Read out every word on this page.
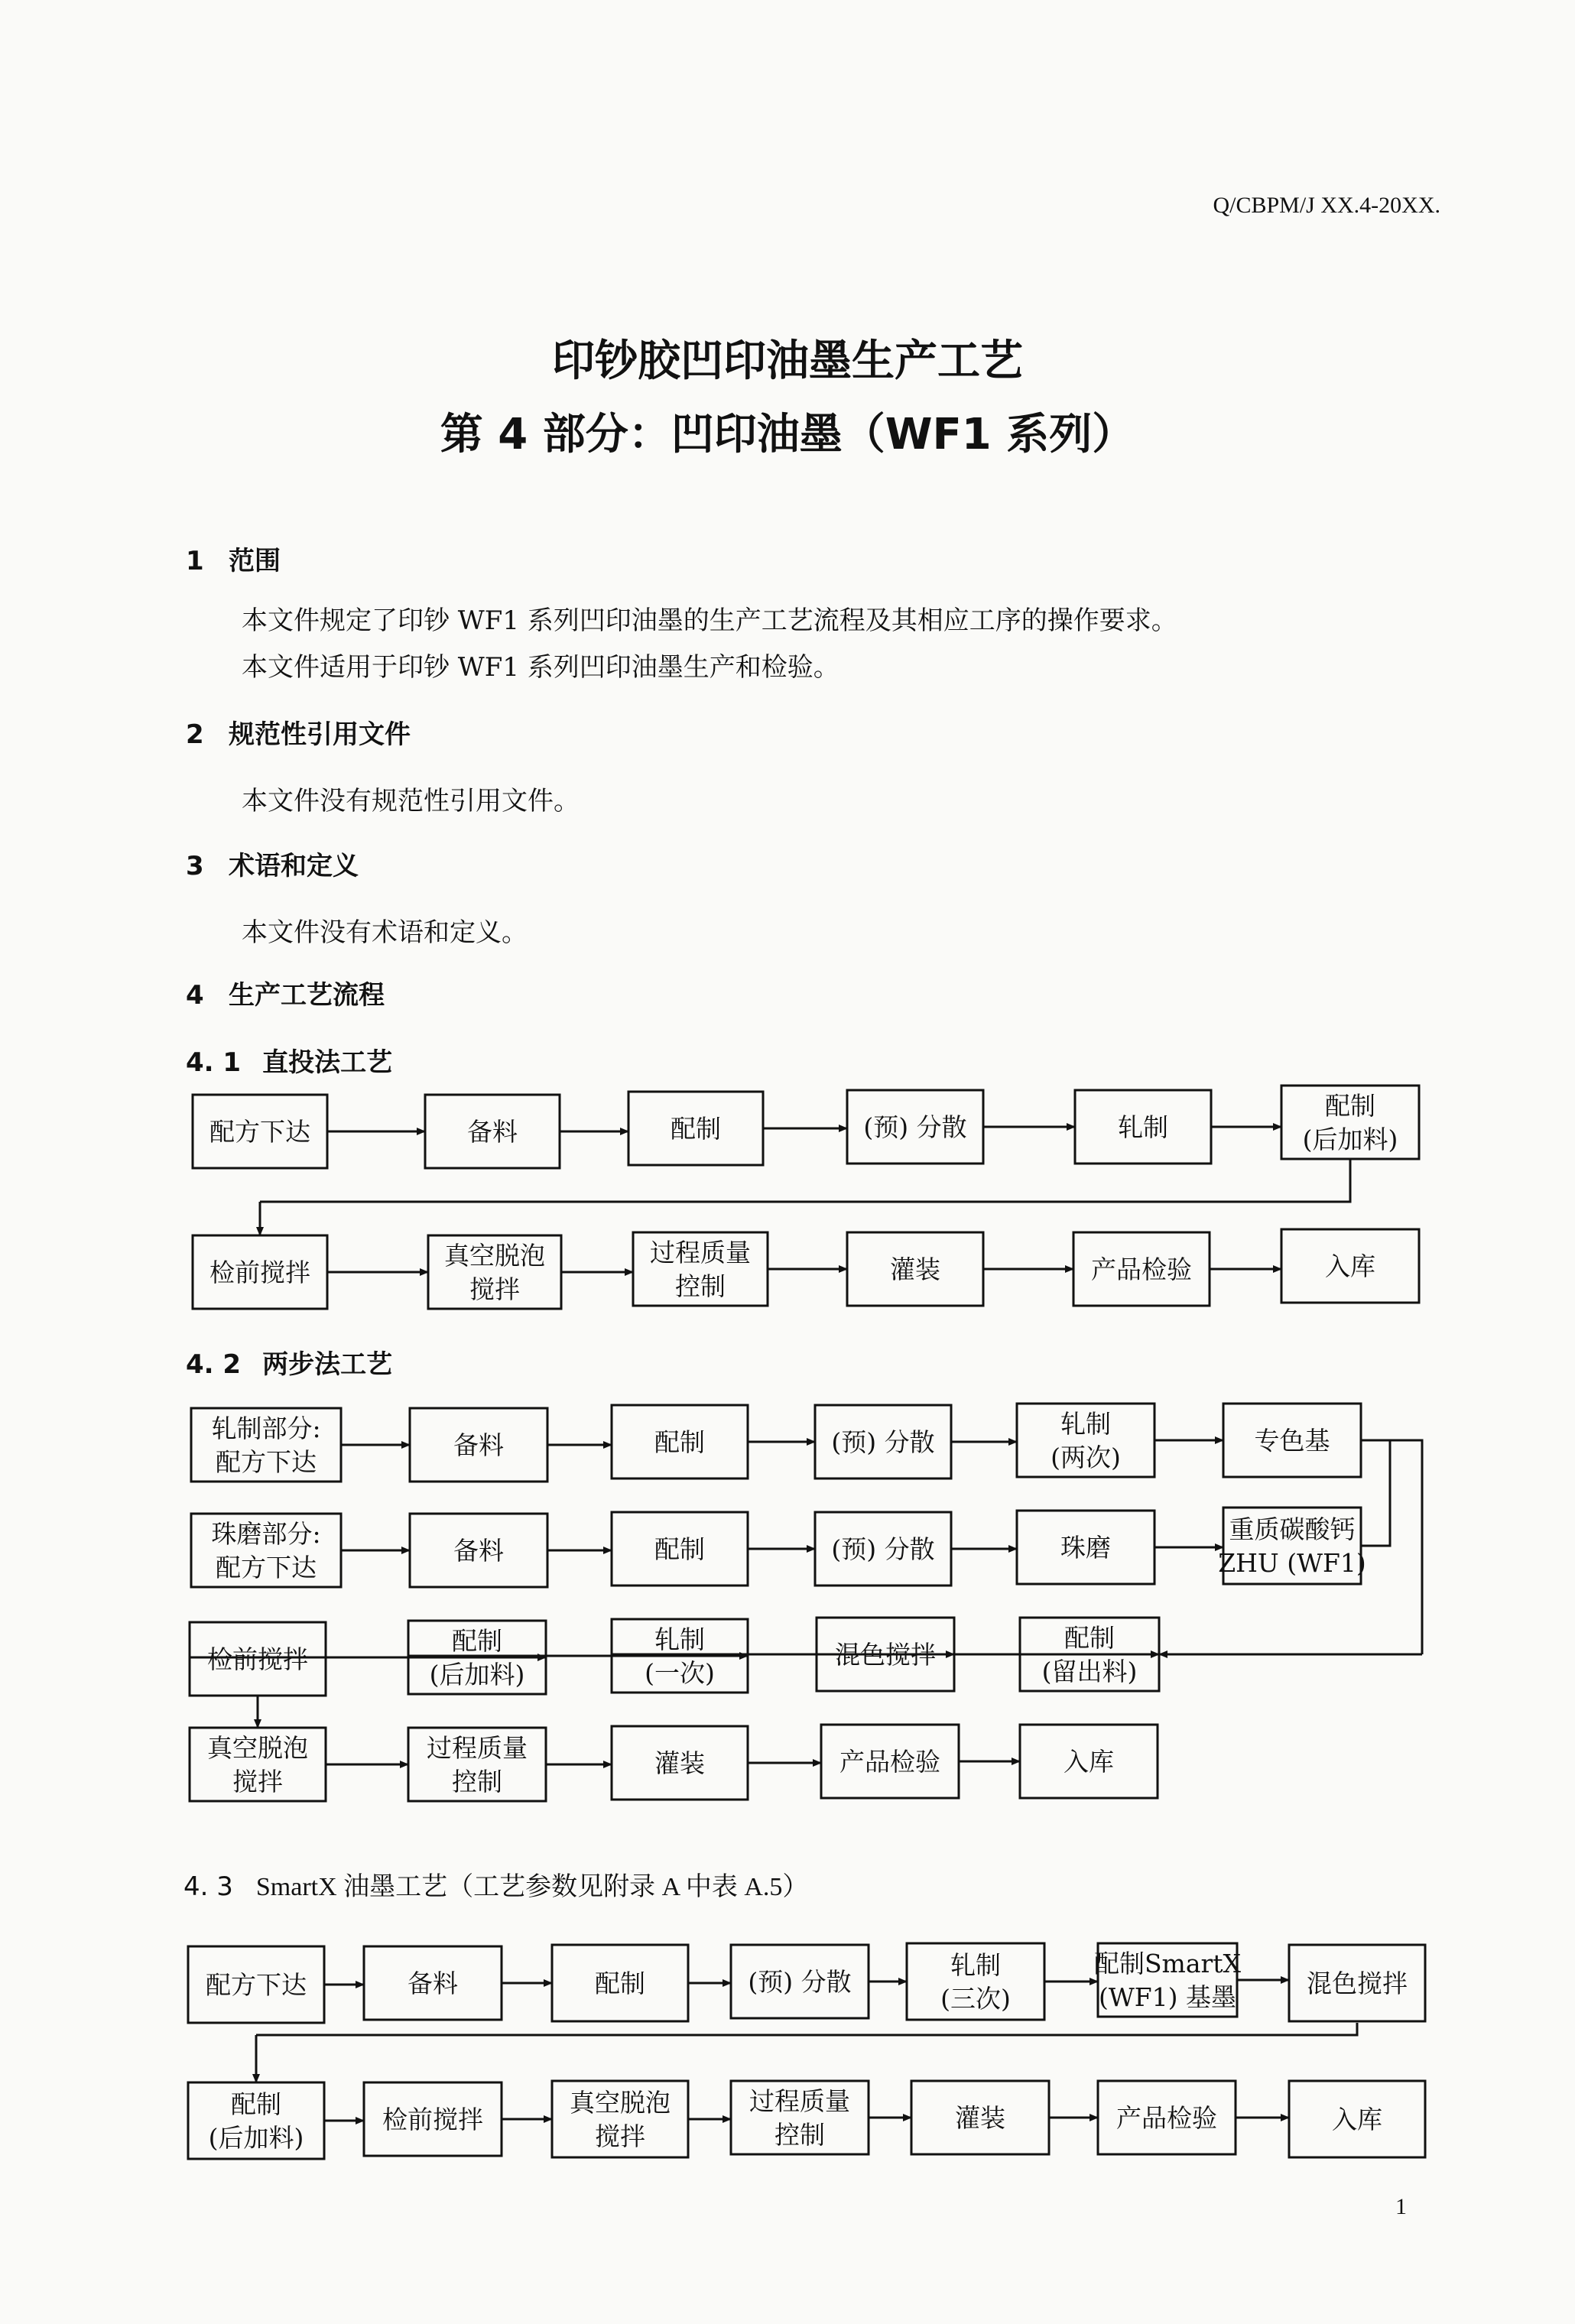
Q/CBPM/J XX.4-20XX.
印钞胶凹印油墨生产工艺
第 4 部分：凹印油墨（WF1 系列）
1 范围
本文件规定了印钞 WF1 系列凹印油墨的生产工艺流程及其相应工序的操作要求。
本文件适用于印钞 WF1 系列凹印油墨生产和检验。
2 规范性引用文件
本文件没有规范性引用文件。
3 术语和定义
本文件没有术语和定义。
4 生产工艺流程
4. 1 直投法工艺
4. 2 两步法工艺
4. 3 SmartX 油墨工艺（工艺参数见附录 A 中表 A.5）
配方下达	备料	配制	(预) 分散	轧制
配制
(后加料)
检前搅拌
真空脱泡
搅拌
过程质量
控制
灌装	产品检验	入库
轧制部分:
配方下达
备料	配制	(预) 分散
轧制
(两次)
专色基
珠磨部分:
配方下达
备料	配制	(预) 分散	珠磨
重质碳酸钙
ZHU (WF1)
检前搅拌
配制
(后加料)
轧制
(一次)
混色搅拌
配制
(留出料)
真空脱泡
搅拌
过程质量
控制
灌装	产品检验	入库
配方下达	备料	配制	(预) 分散
轧制
(三次)
配制SmartX
(WF1) 基墨	混色搅拌
配制
(后加料)
检前搅拌
真空脱泡
搅拌
过程质量
控制
灌装	产品检验	入库
1
